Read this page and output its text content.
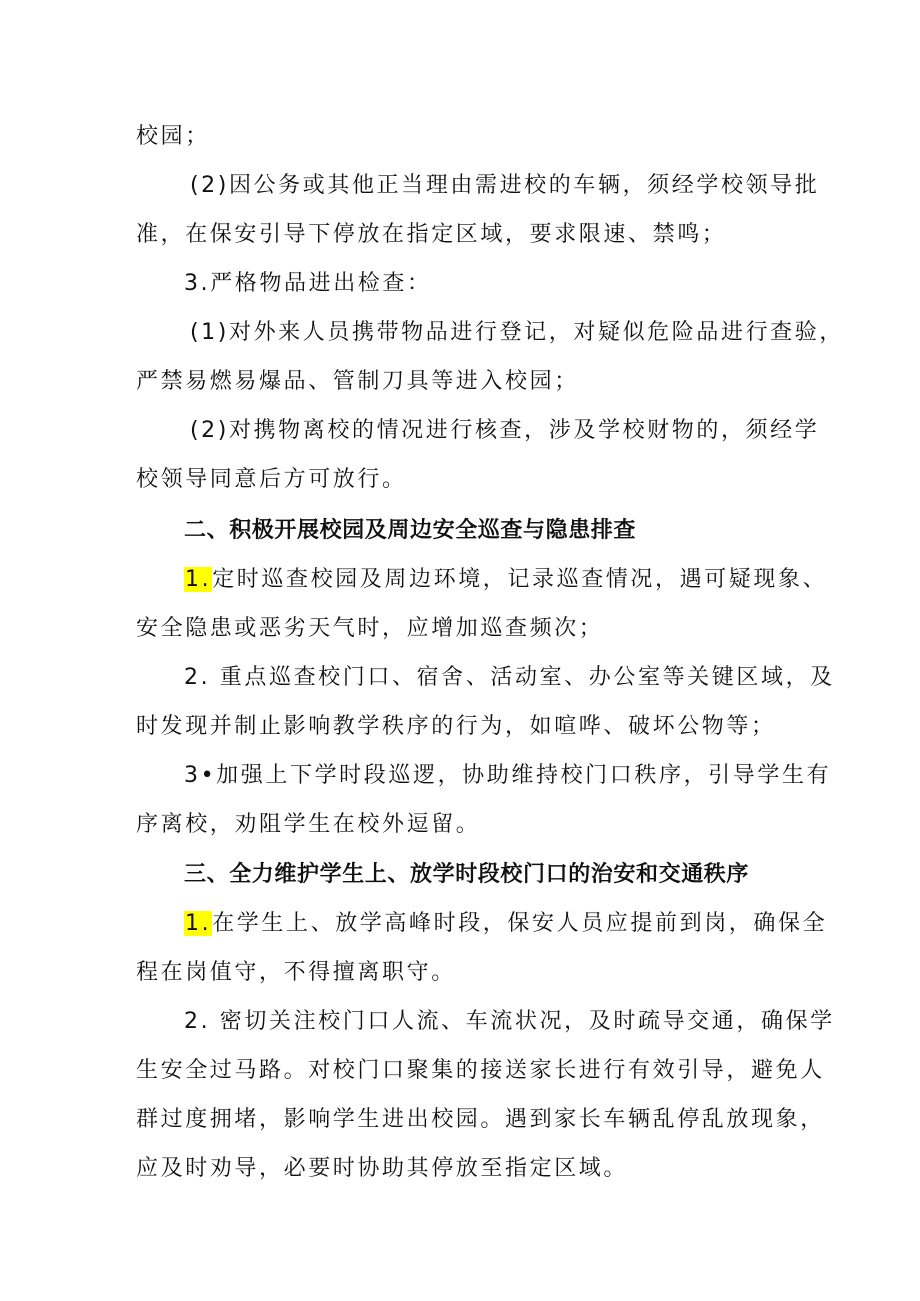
校园；
(2)因公务或其他正当理由需进校的车辆，须经学校领导批
准，在保安引导下停放在指定区域，要求限速、禁鸣；
3.严格物品进出检查：
(1)对外来人员携带物品进行登记，对疑似危险品进行查验，
严禁易燃易爆品、管制刀具等进入校园；
(2)对携物离校的情况进行核查，涉及学校财物的，须经学
校领导同意后方可放行。
二、积极开展校园及周边安全巡查与隐患排查
1.定时巡查校园及周边环境，记录巡查情况，遇可疑现象、
安全隐患或恶劣天气时，应增加巡查频次；
2. 重点巡查校门口、宿舍、活动室、办公室等关键区域，及
时发现并制止影响教学秩序的行为，如喧哗、破坏公物等；
3•加强上下学时段巡逻，协助维持校门口秩序，引导学生有
序离校，劝阻学生在校外逗留。
三、全力维护学生上、放学时段校门口的治安和交通秩序
1.在学生上、放学高峰时段，保安人员应提前到岗，确保全
程在岗值守，不得擅离职守。
2. 密切关注校门口人流、车流状况，及时疏导交通，确保学
生安全过马路。对校门口聚集的接送家长进行有效引导，避免人
群过度拥堵，影响学生进出校园。遇到家长车辆乱停乱放现象，
应及时劝导，必要时协助其停放至指定区域。
